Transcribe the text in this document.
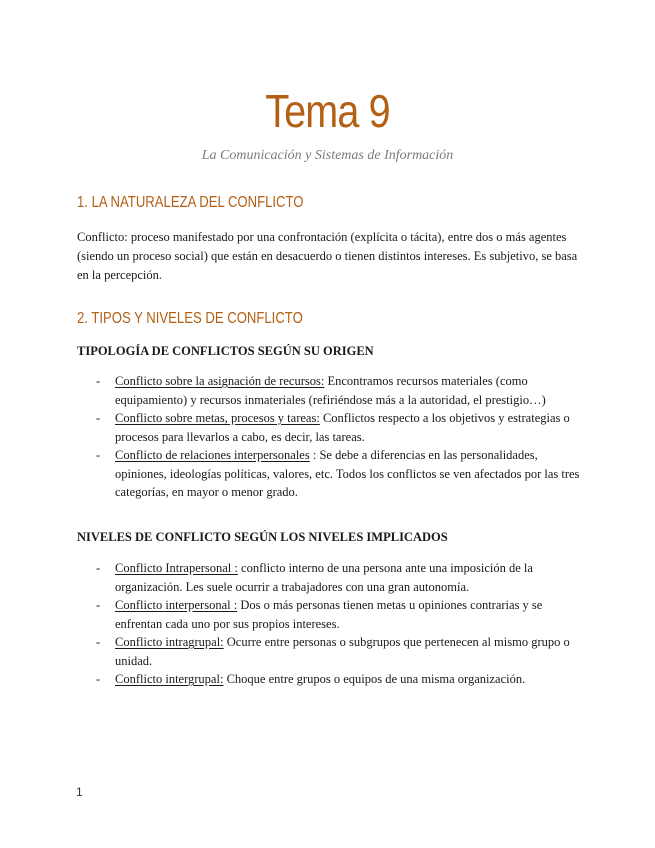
Tema 9

La Comunicación y Sistemas de Información

1. LA NATURALEZA DEL CONFLICTO

Conflicto: proceso manifestado por una confrontación (explícita o tácita), entre dos o más agentes (siendo un proceso social) que están en desacuerdo o tienen distintos intereses. Es subjetivo, se basa en la percepción.

2. TIPOS Y NIVELES DE CONFLICTO
TIPOLOGÍA DE CONFLICTOS SEGÚN SU ORIGEN
- Conflicto sobre la asignación de recursos: Encontramos recursos materiales (como equipamiento) y recursos inmateriales (refiriéndose más a la autoridad, el prestigio…)
- Conflicto sobre metas, procesos y tareas: Conflictos respecto a los objetivos y estrategias o procesos para llevarlos a cabo, es decir, las tareas.
- Conflicto de relaciones interpersonales : Se debe a diferencias en las personalidades, opiniones, ideologías políticas, valores, etc. Todos los conflictos se ven afectados por las tres categorías, en mayor o menor grado.
NIVELES DE CONFLICTO SEGÚN LOS NIVELES IMPLICADOS
- Conflicto Intrapersonal : conflicto interno de una persona ante una imposición de la organización. Les suele ocurrir a trabajadores con una gran autonomía.
- Conflicto interpersonal : Dos o más personas tienen metas u opiniones contrarias y se enfrentan cada uno por sus propios intereses.
- Conflicto intragrupal: Ocurre entre personas o subgrupos que pertenecen al mismo grupo o unidad.
- Conflicto intergrupal: Choque entre grupos o equipos de una misma organización.

1
